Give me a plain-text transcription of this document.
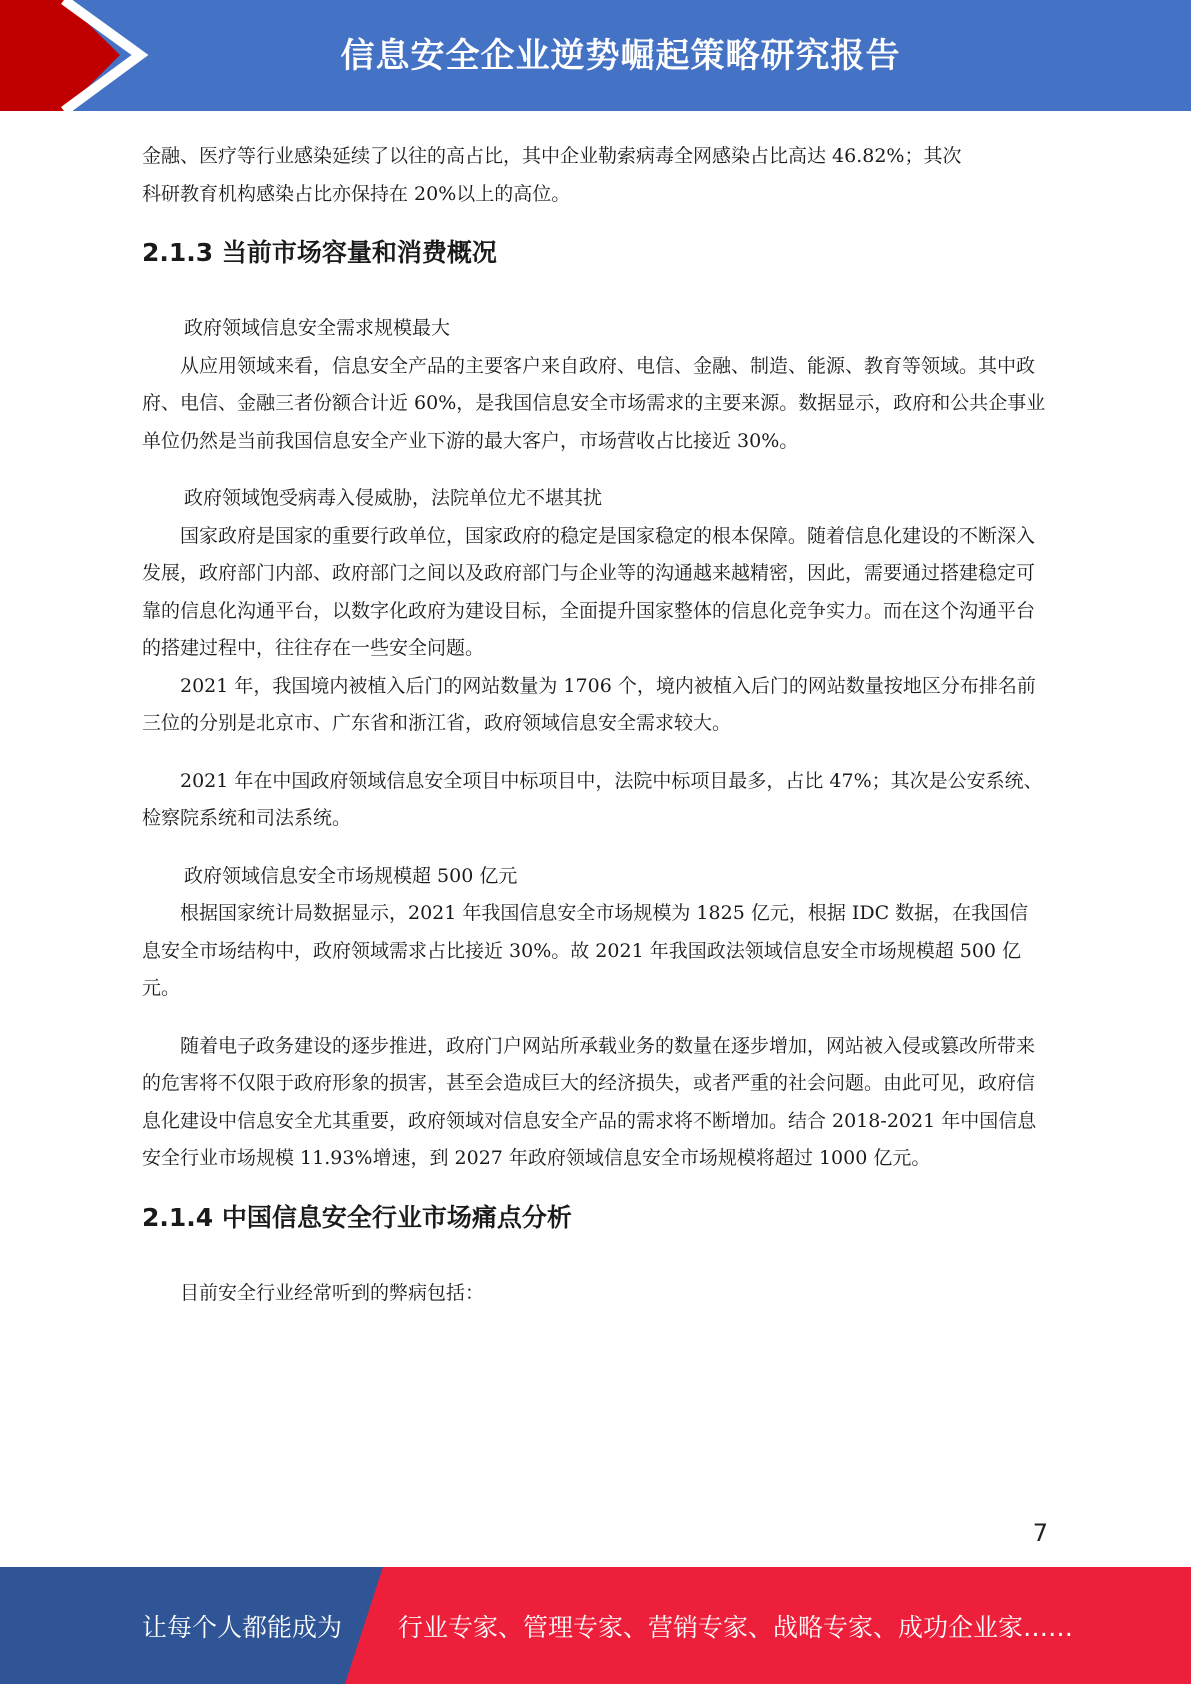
信息安全企业逆势崛起策略研究报告

金融、医疗等行业感染延续了以往的高占比，其中企业勒索病毒全网感染占比高达 46.82%；其次

科研教育机构感染占比亦保持在 20%以上的高位。

2.1.3 当前市场容量和消费概况

政府领域信息安全需求规模最大

从应用领域来看，信息安全产品的主要客户来自政府、电信、金融、制造、能源、教育等领域。其中政府、电信、金融三者份额合计近 60%，是我国信息安全市场需求的主要来源。数据显示，政府和公共企事业单位仍然是当前我国信息安全产业下游的最大客户，市场营收占比接近 30%。

政府领域饱受病毒入侵威胁，法院单位尤不堪其扰

国家政府是国家的重要行政单位，国家政府的稳定是国家稳定的根本保障。随着信息化建设的不断深入发展，政府部门内部、政府部门之间以及政府部门与企业等的沟通越来越精密，因此，需要通过搭建稳定可靠的信息化沟通平台，以数字化政府为建设目标，全面提升国家整体的信息化竞争实力。而在这个沟通平台的搭建过程中，往往存在一些安全问题。

2021 年，我国境内被植入后门的网站数量为 1706 个，境内被植入后门的网站数量按地区分布排名前三位的分别是北京市、广东省和浙江省，政府领域信息安全需求较大。

2021 年在中国政府领域信息安全项目中标项目中，法院中标项目最多，占比 47%；其次是公安系统、检察院系统和司法系统。

政府领域信息安全市场规模超 500 亿元

根据国家统计局数据显示，2021 年我国信息安全市场规模为 1825 亿元，根据 IDC 数据，在我国信息安全市场结构中，政府领域需求占比接近 30%。故 2021 年我国政法领域信息安全市场规模超 500 亿元。

随着电子政务建设的逐步推进，政府门户网站所承载业务的数量在逐步增加，网站被入侵或篡改所带来的危害将不仅限于政府形象的损害，甚至会造成巨大的经济损失，或者严重的社会问题。由此可见，政府信息化建设中信息安全尤其重要，政府领域对信息安全产品的需求将不断增加。结合 2018-2021 年中国信息安全行业市场规模 11.93%增速，到 2027 年政府领域信息安全市场规模将超过 1000 亿元。

2.1.4 中国信息安全行业市场痛点分析

目前安全行业经常听到的弊病包括：

7
让每个人都能成为 行业专家、管理专家、营销专家、战略专家、成功企业家……
